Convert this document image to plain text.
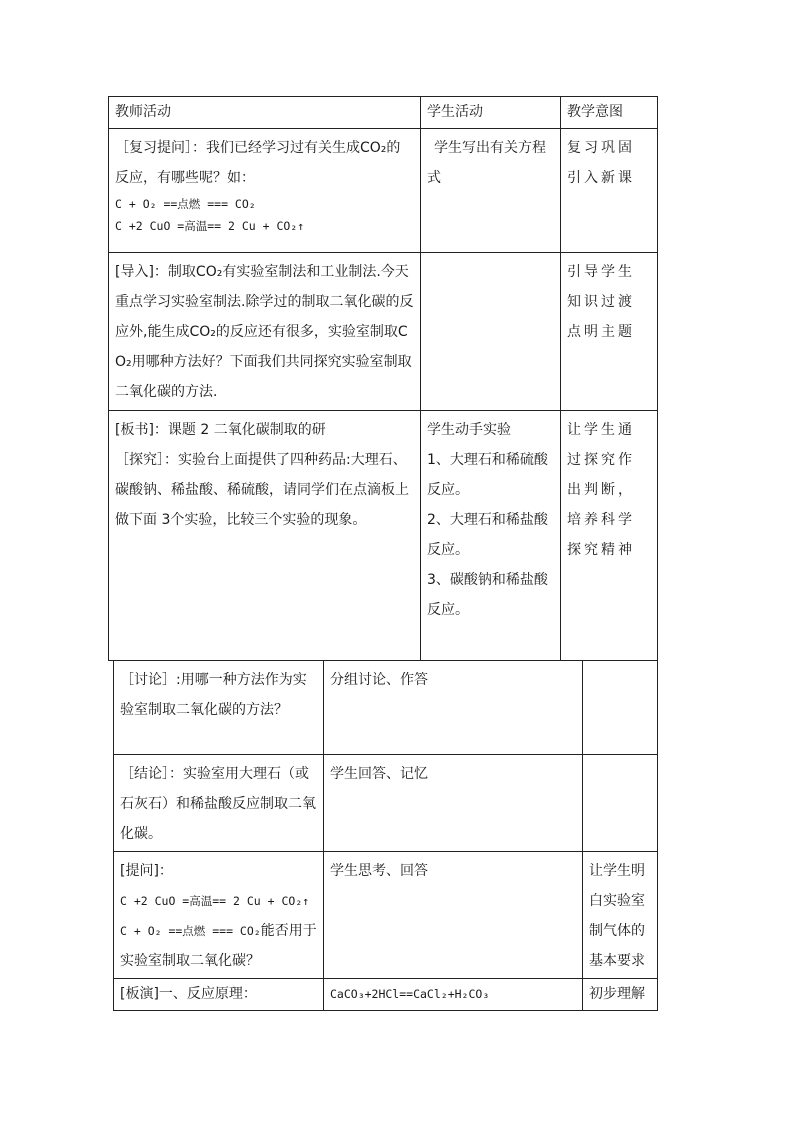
教师活动	学生活动	教学意图

［复习提问］：我们已经学习过有关生成CO₂的反应，有哪些呢？如：
C + O₂ ==点燃 === CO₂
C +2 CuO =高温== 2 Cu + CO₂↑	学生写出有关方程式	复习巩固引入新课
[导入]：制取CO₂有实验室制法和工业制法.今天重点学习实验室制法.除学过的制取二氧化碳的反应外,能生成CO₂的反应还有很多，实验室制取CO₂用哪种方法好？下面我们共同探究实验室制取二氧化碳的方法.		引导学生知识过渡点明主题

[板书]：课题 2 二氧化碳制取的研
［探究］：实验台上面提供了四种药品:大理石、碳酸钠、稀盐酸、稀硫酸，请同学们在点滴板上做下面 3个实验，比较三个实验的现象。	学生动手实验
1、大理石和稀硫酸反应。
2、大理石和稀盐酸反应。
3、碳酸钠和稀盐酸反应。	让学生通过探究作出判断，培养科学探究精神
［讨论］:用哪一种方法作为实验室制取二氧化碳的方法？	分组讨论、作答	
［结论］：实验室用大理石（或石灰石）和稀盐酸反应制取二氧化碳。	学生回答、记忆	

[提问]：
C +2 CuO =高温== 2 Cu + CO₂↑
C + O₂ ==点燃 === CO₂能否用于实验室制取二氧化碳？	学生思考、回答	让学生明白实验室制气体的基本要求
[板演]一、反应原理：	CaCO₃+2HCl==CaCl₂+H₂CO₃	初步理解
